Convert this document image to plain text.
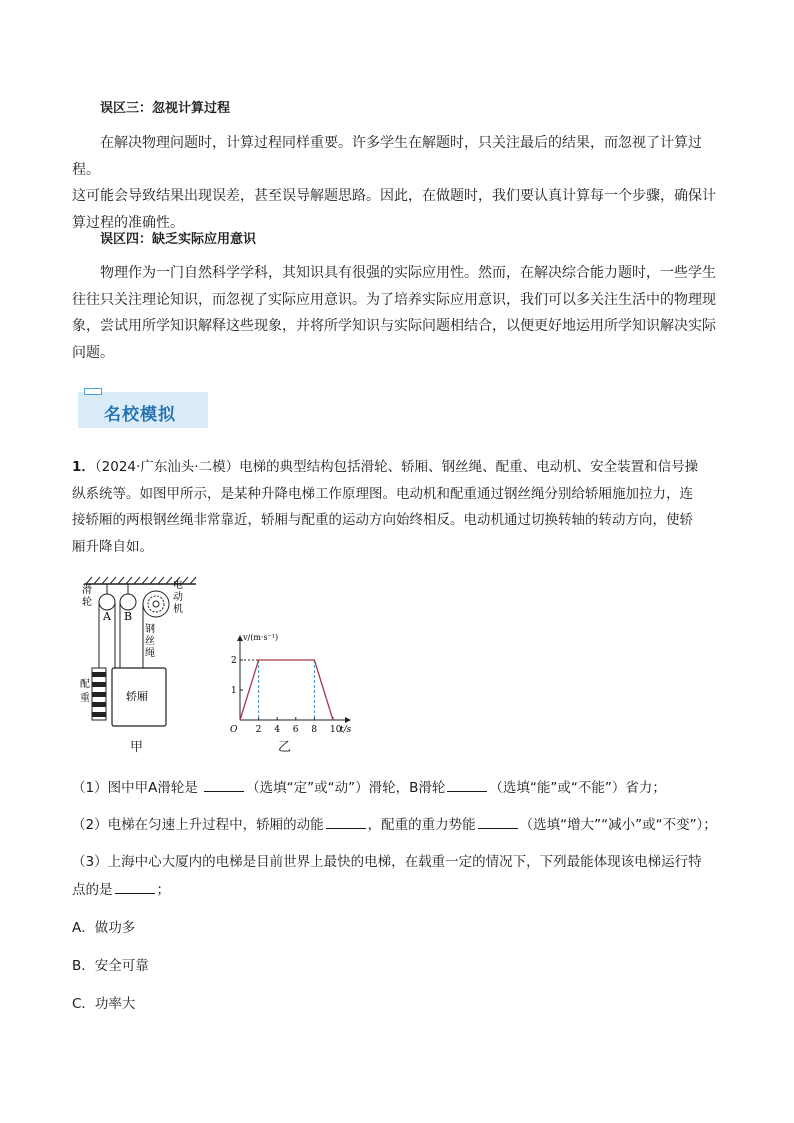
误区三：忽视计算过程
在解决物理问题时，计算过程同样重要。许多学生在解题时，只关注最后的结果，而忽视了计算过程。
这可能会导致结果出现误差，甚至误导解题思路。因此，在做题时，我们要认真计算每一个步骤，确保计
算过程的准确性。
误区四：缺乏实际应用意识
物理作为一门自然科学学科，其知识具有很强的实际应用性。然而，在解决综合能力题时，一些学生
往往只关注理论知识，而忽视了实际应用意识。为了培养实际应用意识，我们可以多关注生活中的物理现
象，尝试用所学知识解释这些现象，并将所学知识与实际问题相结合，以便更好地运用所学知识解决实际
问题。
名校模拟
1．（2024·广东汕头·二模）电梯的典型结构包括滑轮、轿厢、钢丝绳、配重、电动机、安全装置和信号操
纵系统等。如图甲所示，是某种升降电梯工作原理图。电动机和配重通过钢丝绳分别给轿厢施加拉力，连
接轿厢的两根钢丝绳非常靠近，轿厢与配重的运动方向始终相反。电动机通过切换转轴的转动方向，使轿
厢升降自如。
滑
轮
A B
电
动
机
钢
丝
绳
配
重	轿厢
甲
v/(m·s⁻¹)
t/s
O 2 4 6 8 10
1
2
乙
（1）图中甲A滑轮是	（选填“定”或“动”）滑轮，B滑轮	（选填“能”或“不能”）省力；
（2）电梯在匀速上升过程中，轿厢的动能	，配重的重力势能	（选填“增大”“减小”或“不变”）；
（3）上海中心大厦内的电梯是目前世界上最快的电梯，在载重一定的情况下，下列最能体现该电梯运行特
点的是	；
A．做功多
B．安全可靠
C．功率大
